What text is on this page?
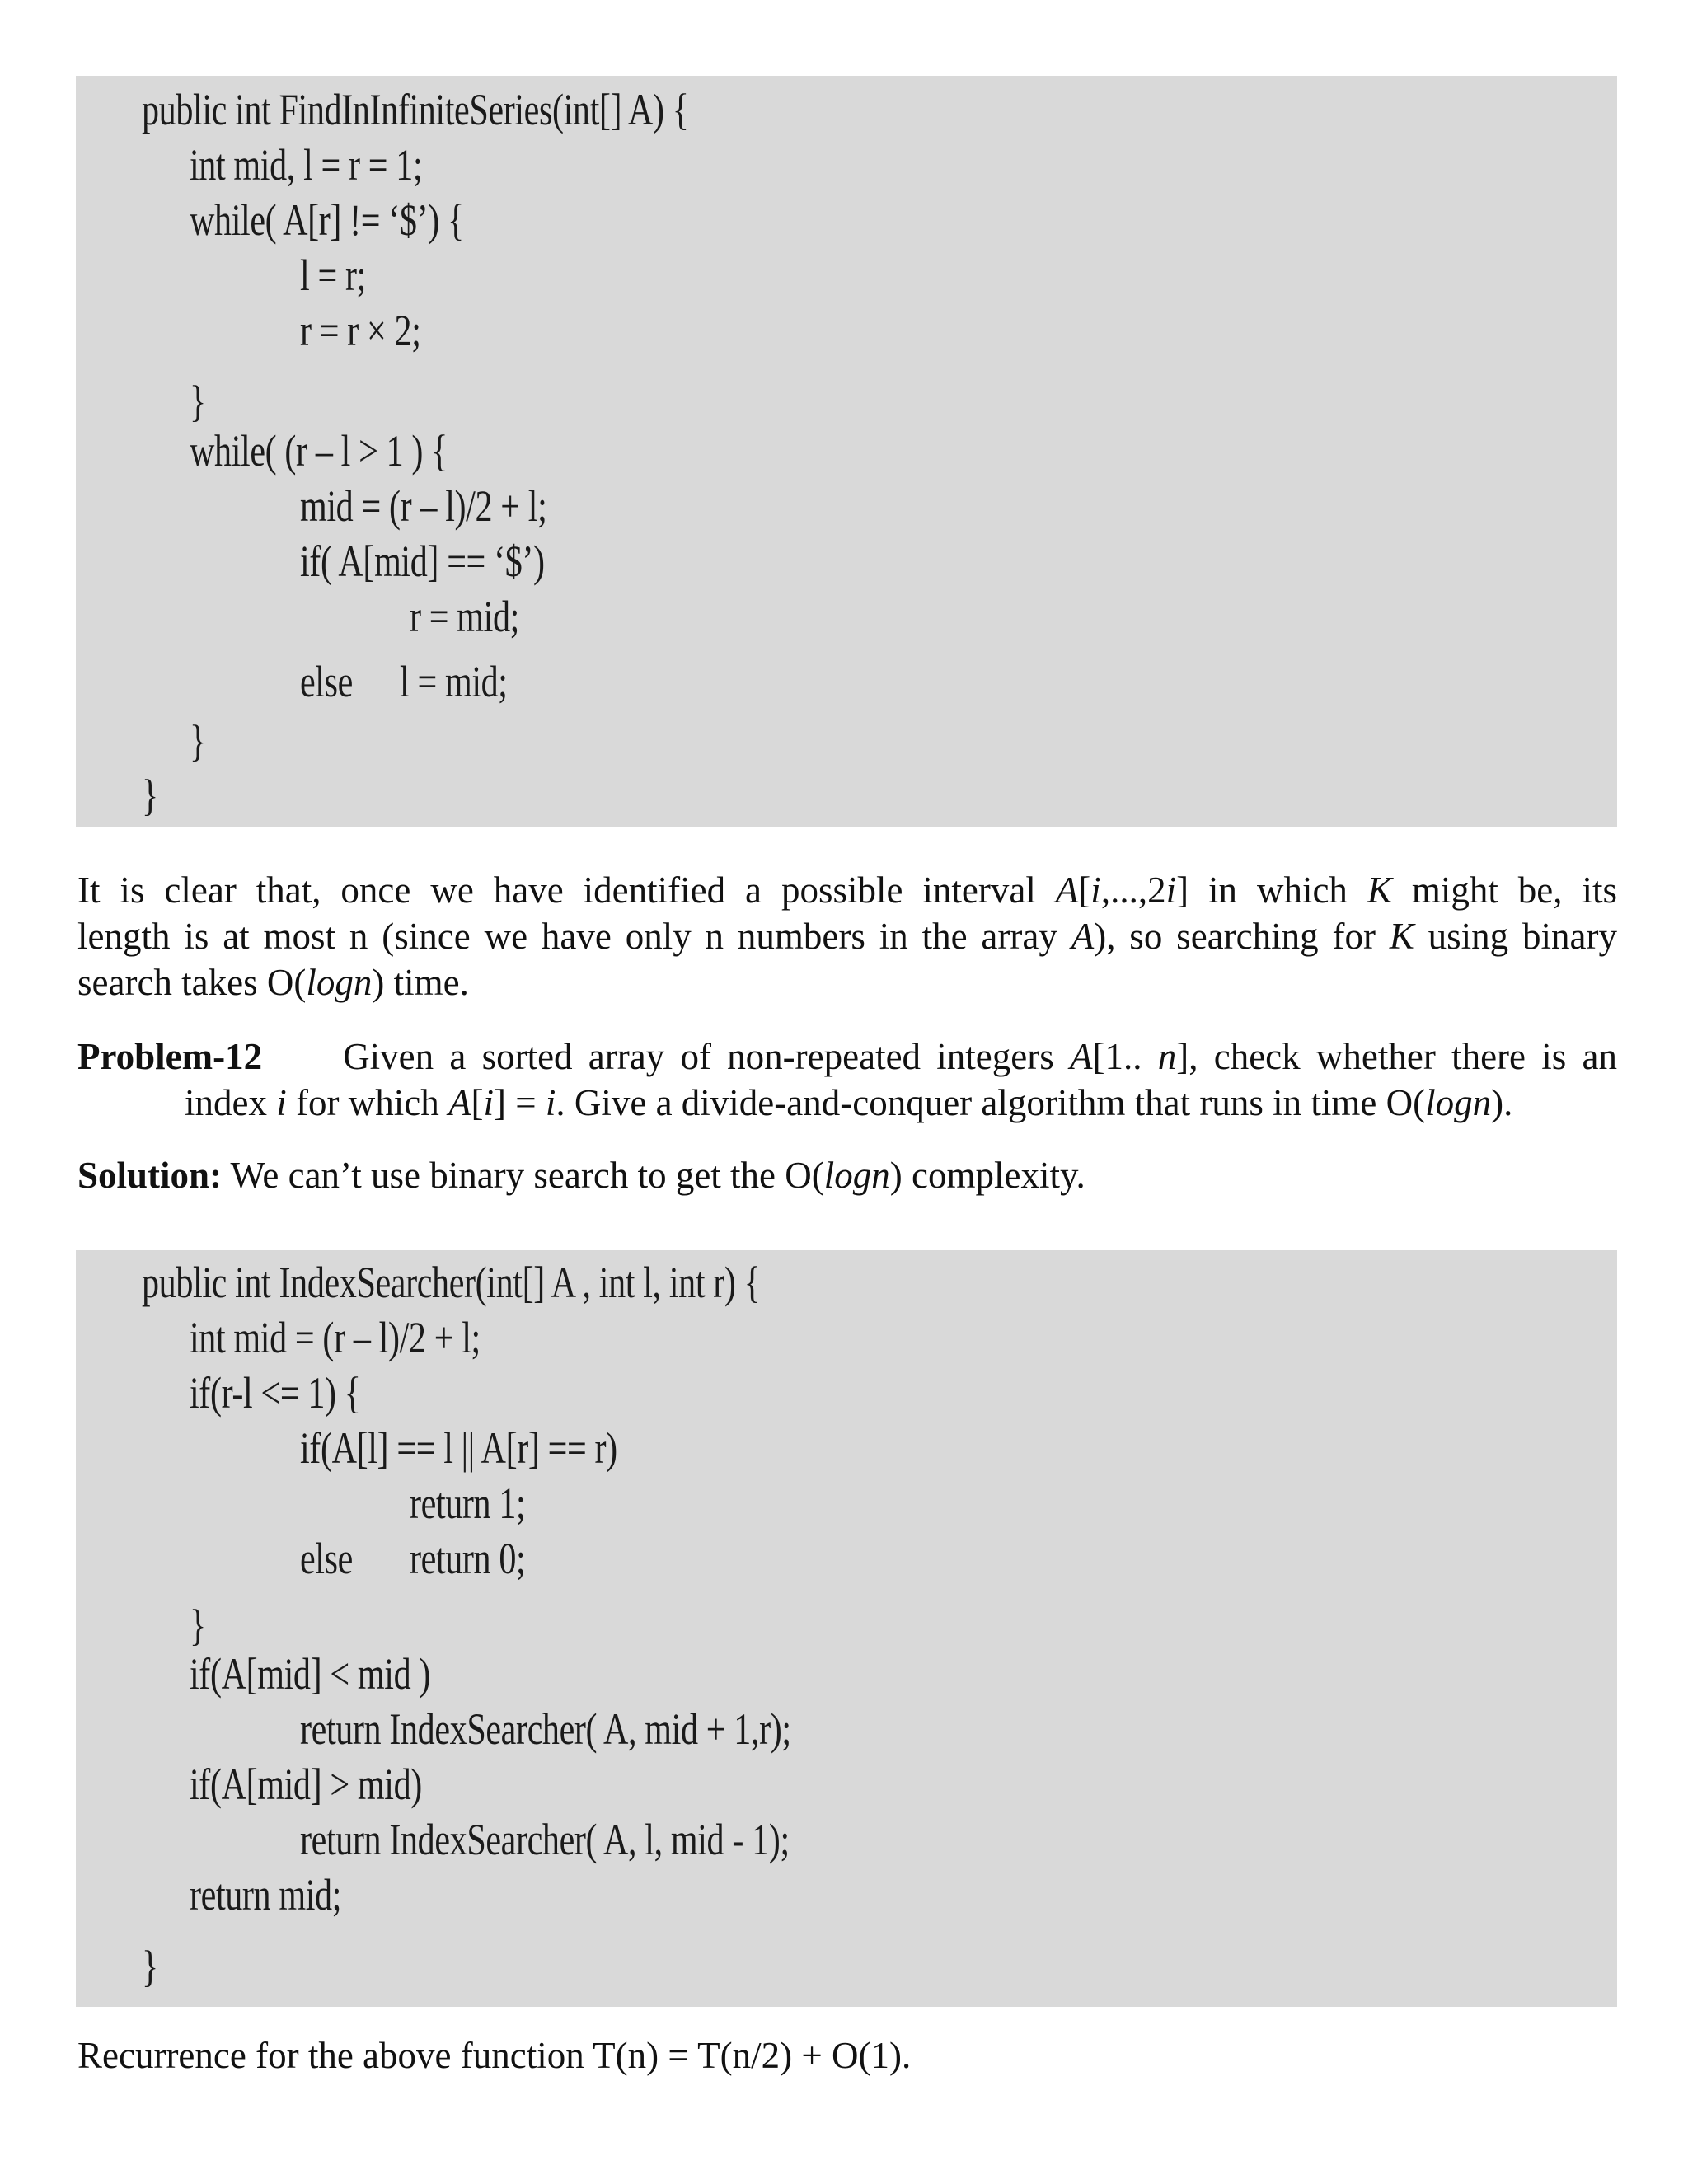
public int FindInInfiniteSeries(int[] A) {
int mid, l = r = 1;
while( A[r] != ‘$’) {
l = r;
r = r × 2;
}
while( (r – l > 1 ) {
mid = (r – l)/2 + l;
if( A[mid] == ‘$’)
r = mid;
else l = mid;
}
}
It is clear that, once we have identified a possible interval A[i,...,2i] in which K might be, its
length is at most n (since we have only n numbers in the array A), so searching for K using binary
search takes O(logn) time.
Problem-12 Given a sorted array of non-repeated integers A[1.. n], check whether there is an
index i for which A[i] = i. Give a divide-and-conquer algorithm that runs in time O(logn).
Solution: We can’t use binary search to get the O(logn) complexity.
public int IndexSearcher(int[] A , int l, int r) {
int mid = (r – l)/2 + l;
if(r-l <= 1) {
if(A[l] == l || A[r] == r)
return 1;
else return 0;
}
if(A[mid] < mid )
return IndexSearcher( A, mid + 1,r);
if(A[mid] > mid)
return IndexSearcher( A, l, mid - 1);
return mid;
}
Recurrence for the above function T(n) = T(n/2) + O(1).
